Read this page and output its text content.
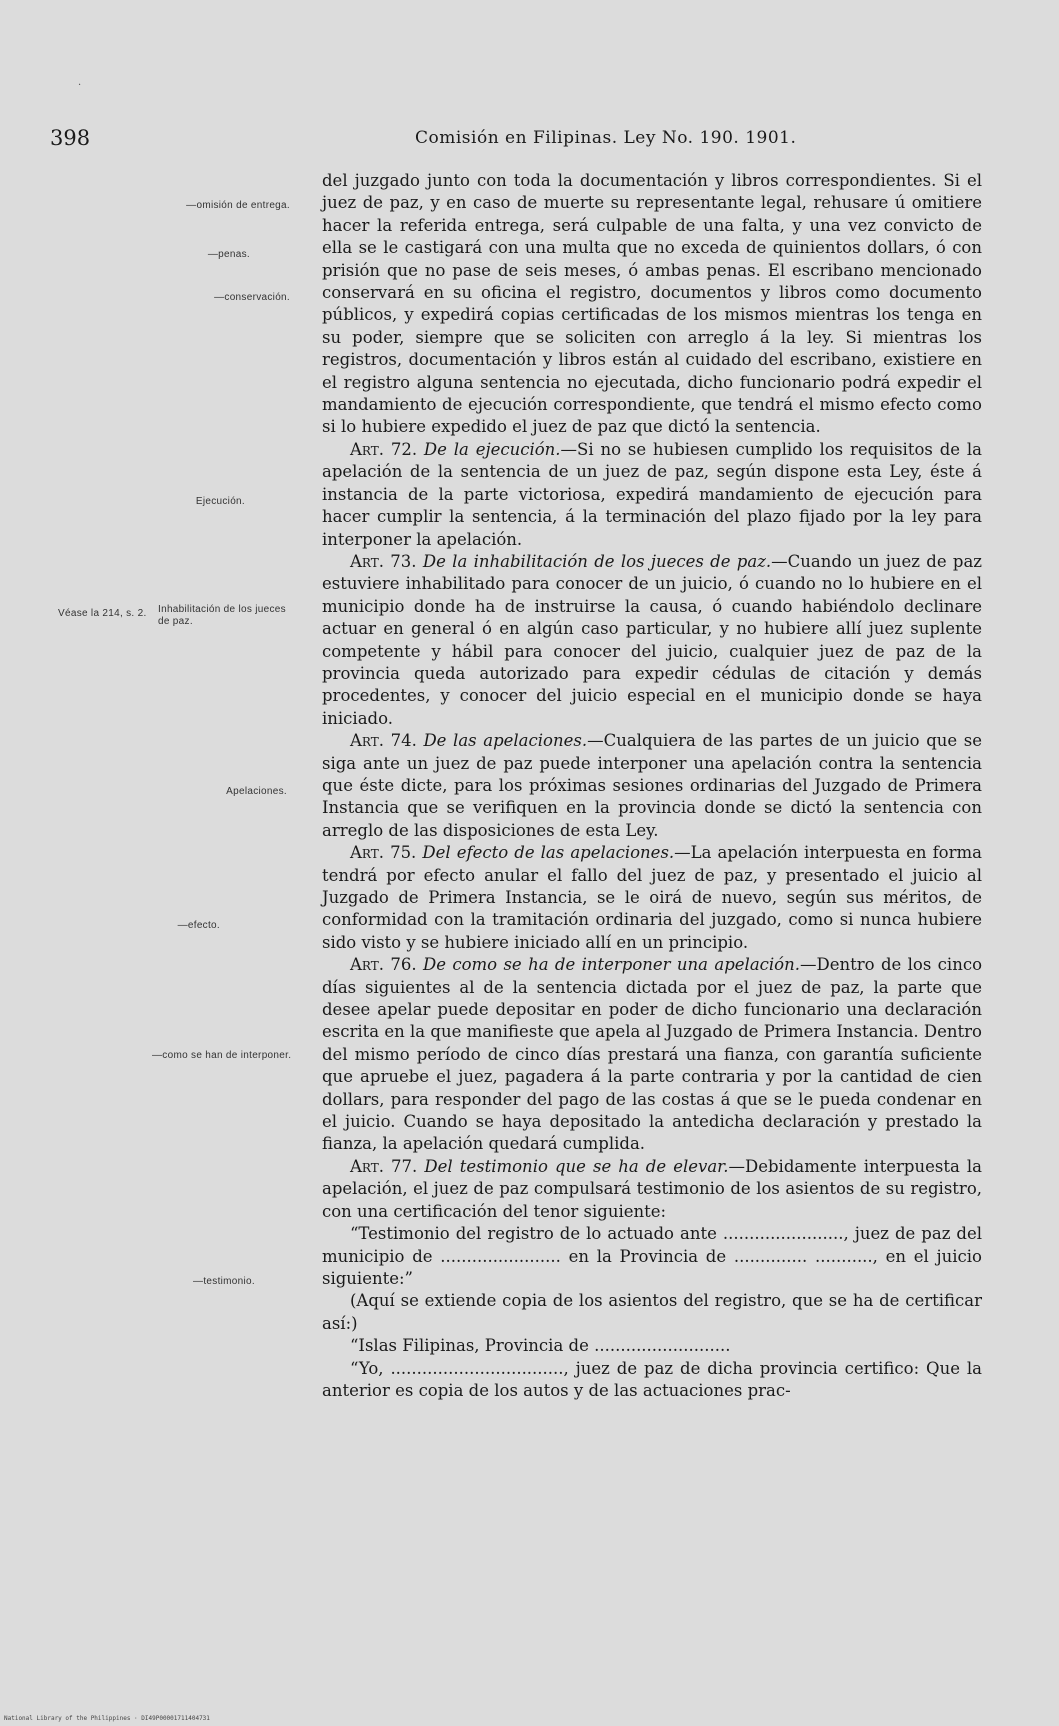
·
398	Comisión en Filipinas. Ley No. 190. 1901.
—omisión de entrega.
—penas.
—conservación.
Ejecución.
Véase la 214, s. 2. Inhabilitación de los jueces de paz.
Apelaciones.
—efecto.
—como se han de interponer.
—testimonio.

del juzgado junto con toda la documentación y libros correspondientes. Si el juez de paz, y en caso de muerte su representante legal, rehusare ú omitiere hacer la referida entrega, será culpable de una falta, y una vez convicto de ella se le castigará con una multa que no exceda de quinientos dollars, ó con prisión que no pase de seis meses, ó ambas penas. El escribano mencionado conservará en su oficina el registro, documentos y libros como documento públicos, y expedirá copias certificadas de los mismos mientras los tenga en su poder, siempre que se soliciten con arreglo á la ley. Si mientras los registros, documentación y libros están al cuidado del escribano, existiere en el registro alguna sentencia no ejecutada, dicho funcionario podrá expedir el mandamiento de ejecución correspondiente, que tendrá el mismo efecto como si lo hubiere expedido el juez de paz que dictó la sentencia.

Art. 72. De la ejecución.—Si no se hubiesen cumplido los requisitos de la apelación de la sentencia de un juez de paz, según dispone esta Ley, éste á instancia de la parte victoriosa, expedirá mandamiento de ejecución para hacer cumplir la sentencia, á la terminación del plazo fijado por la ley para interponer la apelación.

Art. 73. De la inhabilitación de los jueces de paz.—Cuando un juez de paz estuviere inhabilitado para conocer de un juicio, ó cuando no lo hubiere en el municipio donde ha de instruirse la causa, ó cuando habiéndolo declinare actuar en general ó en algún caso particular, y no hubiere allí juez suplente competente y hábil para conocer del juicio, cualquier juez de paz de la provincia queda autorizado para expedir cédulas de citación y demás procedentes, y conocer del juicio especial en el municipio donde se haya iniciado.

Art. 74. De las apelaciones.—Cualquiera de las partes de un juicio que se siga ante un juez de paz puede interponer una apelación contra la sentencia que éste dicte, para los próximas sesiones ordinarias del Juzgado de Primera Instancia que se verifiquen en la provincia donde se dictó la sentencia con arreglo de las disposiciones de esta Ley.

Art. 75. Del efecto de las apelaciones.—La apelación interpuesta en forma tendrá por efecto anular el fallo del juez de paz, y presentado el juicio al Juzgado de Primera Instancia, se le oirá de nuevo, según sus méritos, de conformidad con la tramitación ordinaria del juzgado, como si nunca hubiere sido visto y se hubiere iniciado allí en un principio.

Art. 76. De como se ha de interponer una apelación.—Dentro de los cinco días siguientes al de la sentencia dictada por el juez de paz, la parte que desee apelar puede depositar en poder de dicho funcionario una declaración escrita en la que manifieste que apela al Juzgado de Primera Instancia. Dentro del mismo período de cinco días prestará una fianza, con garantía suficiente que apruebe el juez, pagadera á la parte contraria y por la cantidad de cien dollars, para responder del pago de las costas á que se le pueda condenar en el juicio. Cuando se haya depositado la antedicha declaración y prestado la fianza, la apelación quedará cumplida.

Art. 77. Del testimonio que se ha de elevar.—Debidamente interpuesta la apelación, el juez de paz compulsará testimonio de los asientos de su registro, con una certificación del tenor siguiente:

“Testimonio del registro de lo actuado ante ......................., juez de paz del municipio de ....................... en la Provincia de .............. ..........., en el juicio siguiente:”

(Aquí se extiende copia de los asientos del registro, que se ha de certificar así:)

“Islas Filipinas, Provincia de ..........................

“Yo, ................................., juez de paz de dicha provincia certifico: Que la anterior es copia de los autos y de las actuaciones prac-

National Library of the Philippines · DI49P00001711404731
